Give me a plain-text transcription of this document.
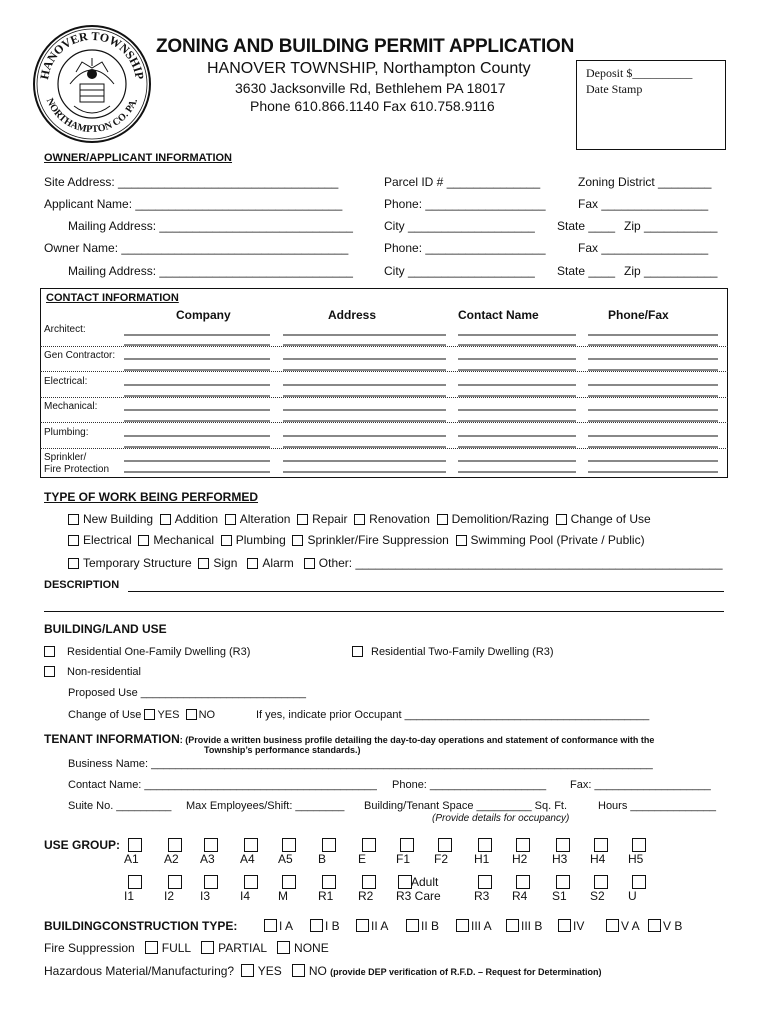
HANOVER TOWNSHIP
NORTHAMPTON CO. PA.
ZONING AND BUILDING PERMIT APPLICATION
HANOVER TOWNSHIP, Northampton County
3630 Jacksonville Rd, Bethlehem PA 18017
Phone 610.866.1140 Fax 610.758.9116
Deposit $__________
Date Stamp
OWNER/APPLICANT INFORMATION
Site Address: _________________________________	Parcel ID # ______________	Zoning District ________
Applicant Name: _______________________________	Phone: __________________	Fax ________________
Mailing Address: _____________________________	City ___________________ State ____ Zip ___________
Owner Name: __________________________________	Phone: __________________	Fax ________________
Mailing Address: _____________________________	City ___________________ State ____ Zip ___________
CONTACT INFORMATION
Company	Address	Contact Name	Phone/Fax
Architect:
Gen Contractor:
Electrical:
Mechanical:
Plumbing:
Sprinkler/
Fire Protection
TYPE OF WORK BEING PERFORMED
New Building Addition Alteration Repair Renovation Demolition/Razing Change of Use
Electrical Mechanical Plumbing Sprinkler/Fire Suppression Swimming Pool (Private / Public)
Temporary Structure Sign Alarm Other: _______________________________________________________
DESCRIPTION
BUILDING/LAND USE
Residential One-Family Dwelling (R3)	Residential Two-Family Dwelling (R3)
Non-residential
Proposed Use ___________________________
Change of Use YES NO	If yes, indicate prior Occupant ________________________________________
TENANT INFORMATION: (Provide a written business profile detailing the day-to-day operations and statement of conformance with the
Township’s performance standards.)
Business Name: __________________________________________________________________________________
Contact Name: ______________________________________ Phone: ___________________ Fax: ___________________
Suite No. _________ Max Employees/Shift: ________ Building/Tenant Space _________ Sq. Ft.	Hours ______________
(Provide details for occupancy)
USE GROUP:
A1 A2 A3 A4 A5 B	E F1 F2 H1 H2 H3 H4 H5
I1 I2 I3 I4 M	R1 R2 R3 Care	R3 R4 S1 S2 U
Adult
BUILDINGCONSTRUCTION TYPE:	I A	I B	II A	II B	III A	III B	IV	V A	V B
Fire Suppression FULL PARTIAL NONE
Hazardous Material/Manufacturing? YES NO (provide DEP verification of R.F.D. – Request for Determination)
